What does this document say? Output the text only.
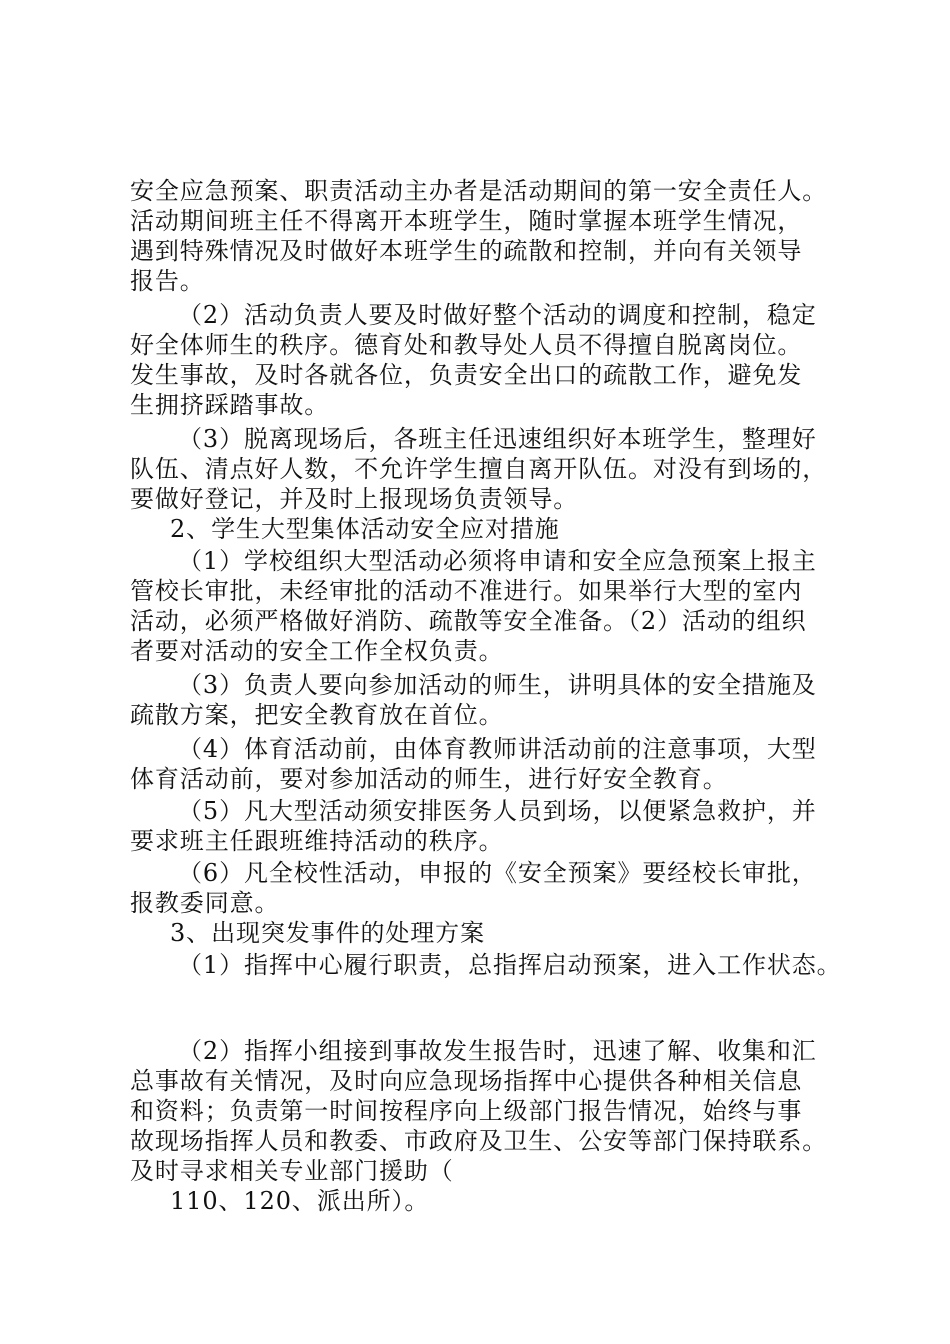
安全应急预案、职责活动主办者是活动期间的第一安全责任人。
活动期间班主任不得离开本班学生，随时掌握本班学生情况，
遇到特殊情况及时做好本班学生的疏散和控制，并向有关领导
报告。
（2）活动负责人要及时做好整个活动的调度和控制，稳定
好全体师生的秩序。德育处和教导处人员不得擅自脱离岗位。
发生事故，及时各就各位，负责安全出口的疏散工作，避免发
生拥挤踩踏事故。
（3）脱离现场后，各班主任迅速组织好本班学生，整理好
队伍、清点好人数，不允许学生擅自离开队伍。对没有到场的，
要做好登记，并及时上报现场负责领导。
2、学生大型集体活动安全应对措施
（1）学校组织大型活动必须将申请和安全应急预案上报主
管校长审批，未经审批的活动不准进行。如果举行大型的室内
活动，必须严格做好消防、疏散等安全准备。（2）活动的组织
者要对活动的安全工作全权负责。
（3）负责人要向参加活动的师生，讲明具体的安全措施及
疏散方案，把安全教育放在首位。
（4）体育活动前，由体育教师讲活动前的注意事项，大型
体育活动前，要对参加活动的师生，进行好安全教育。
（5）凡大型活动须安排医务人员到场，以便紧急救护，并
要求班主任跟班维持活动的秩序。
（6）凡全校性活动，申报的《安全预案》要经校长审批，
报教委同意。
3、出现突发事件的处理方案
（1）指挥中心履行职责，总指挥启动预案，进入工作状态。
（2）指挥小组接到事故发生报告时，迅速了解、收集和汇
总事故有关情况，及时向应急现场指挥中心提供各种相关信息
和资料；负责第一时间按程序向上级部门报告情况，始终与事
故现场指挥人员和教委、市政府及卫生、公安等部门保持联系。
及时寻求相关专业部门援助（
110、120、派出所）。
